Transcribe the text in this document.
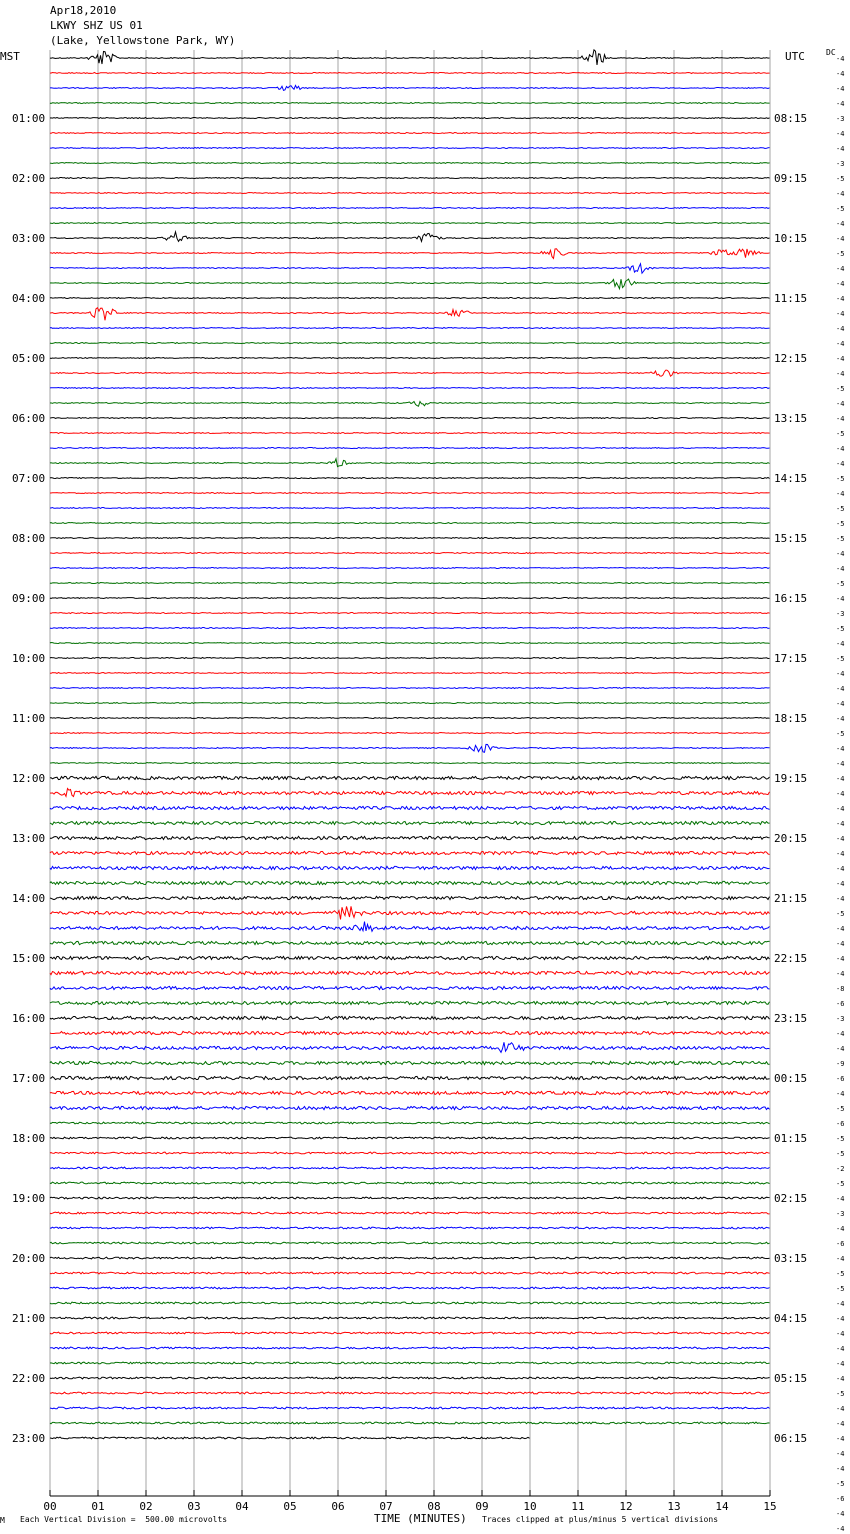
01:00
02:00
03:00
04:00
05:00
06:00
07:00
08:00
09:00
10:00
11:00
12:00
13:00
14:00
15:00
16:00
17:00
18:00
19:00
20:00
21:00
22:00
23:00
08:15
09:15
10:15
11:15
12:15
13:15
14:15
15:15
16:15
17:15
18:15
19:15
20:15
21:15
22:15
23:15
00:15
01:15
02:15
03:15
04:15
05:15
06:15
-4
-4
-4
-4
-3
-4
-4
-3
-5
-4
-5
-4
-4
-5
-4
-4
-4
-4
-4
-4
-4
-4
-5
-4
-4
-5
-4
-4
-5
-4
-5
-5
-5
-4
-4
-5
-4
-3
-5
-4
-5
-4
-4
-4
-4
-5
-4
-4
-4
-4
-4
-4
-4
-4
-4
-4
-4
-5
-4
-4
-4
-4
-8
-6
-3
-4
-4
-9
-6
-4
-5
-6
-5
-5
-2
-5
-4
-3
-4
-6
-4
-5
-5
-4
-4
-4
-4
-4
-4
-5
-4
-4
-4
-4
-4
-5
-6
-4
-4
00	01	02	03	04	05	06	07	08	09	10	11	12	13	14	15
Apr18,2010
LKWY SHZ US 01
(Lake, Yellowstone Park, WY)
MST	UTC	DC
M Each Vertical Division =  500.00 microvolts	TIME (MINUTES) Traces clipped at plus/minus 5 vertical divisions
